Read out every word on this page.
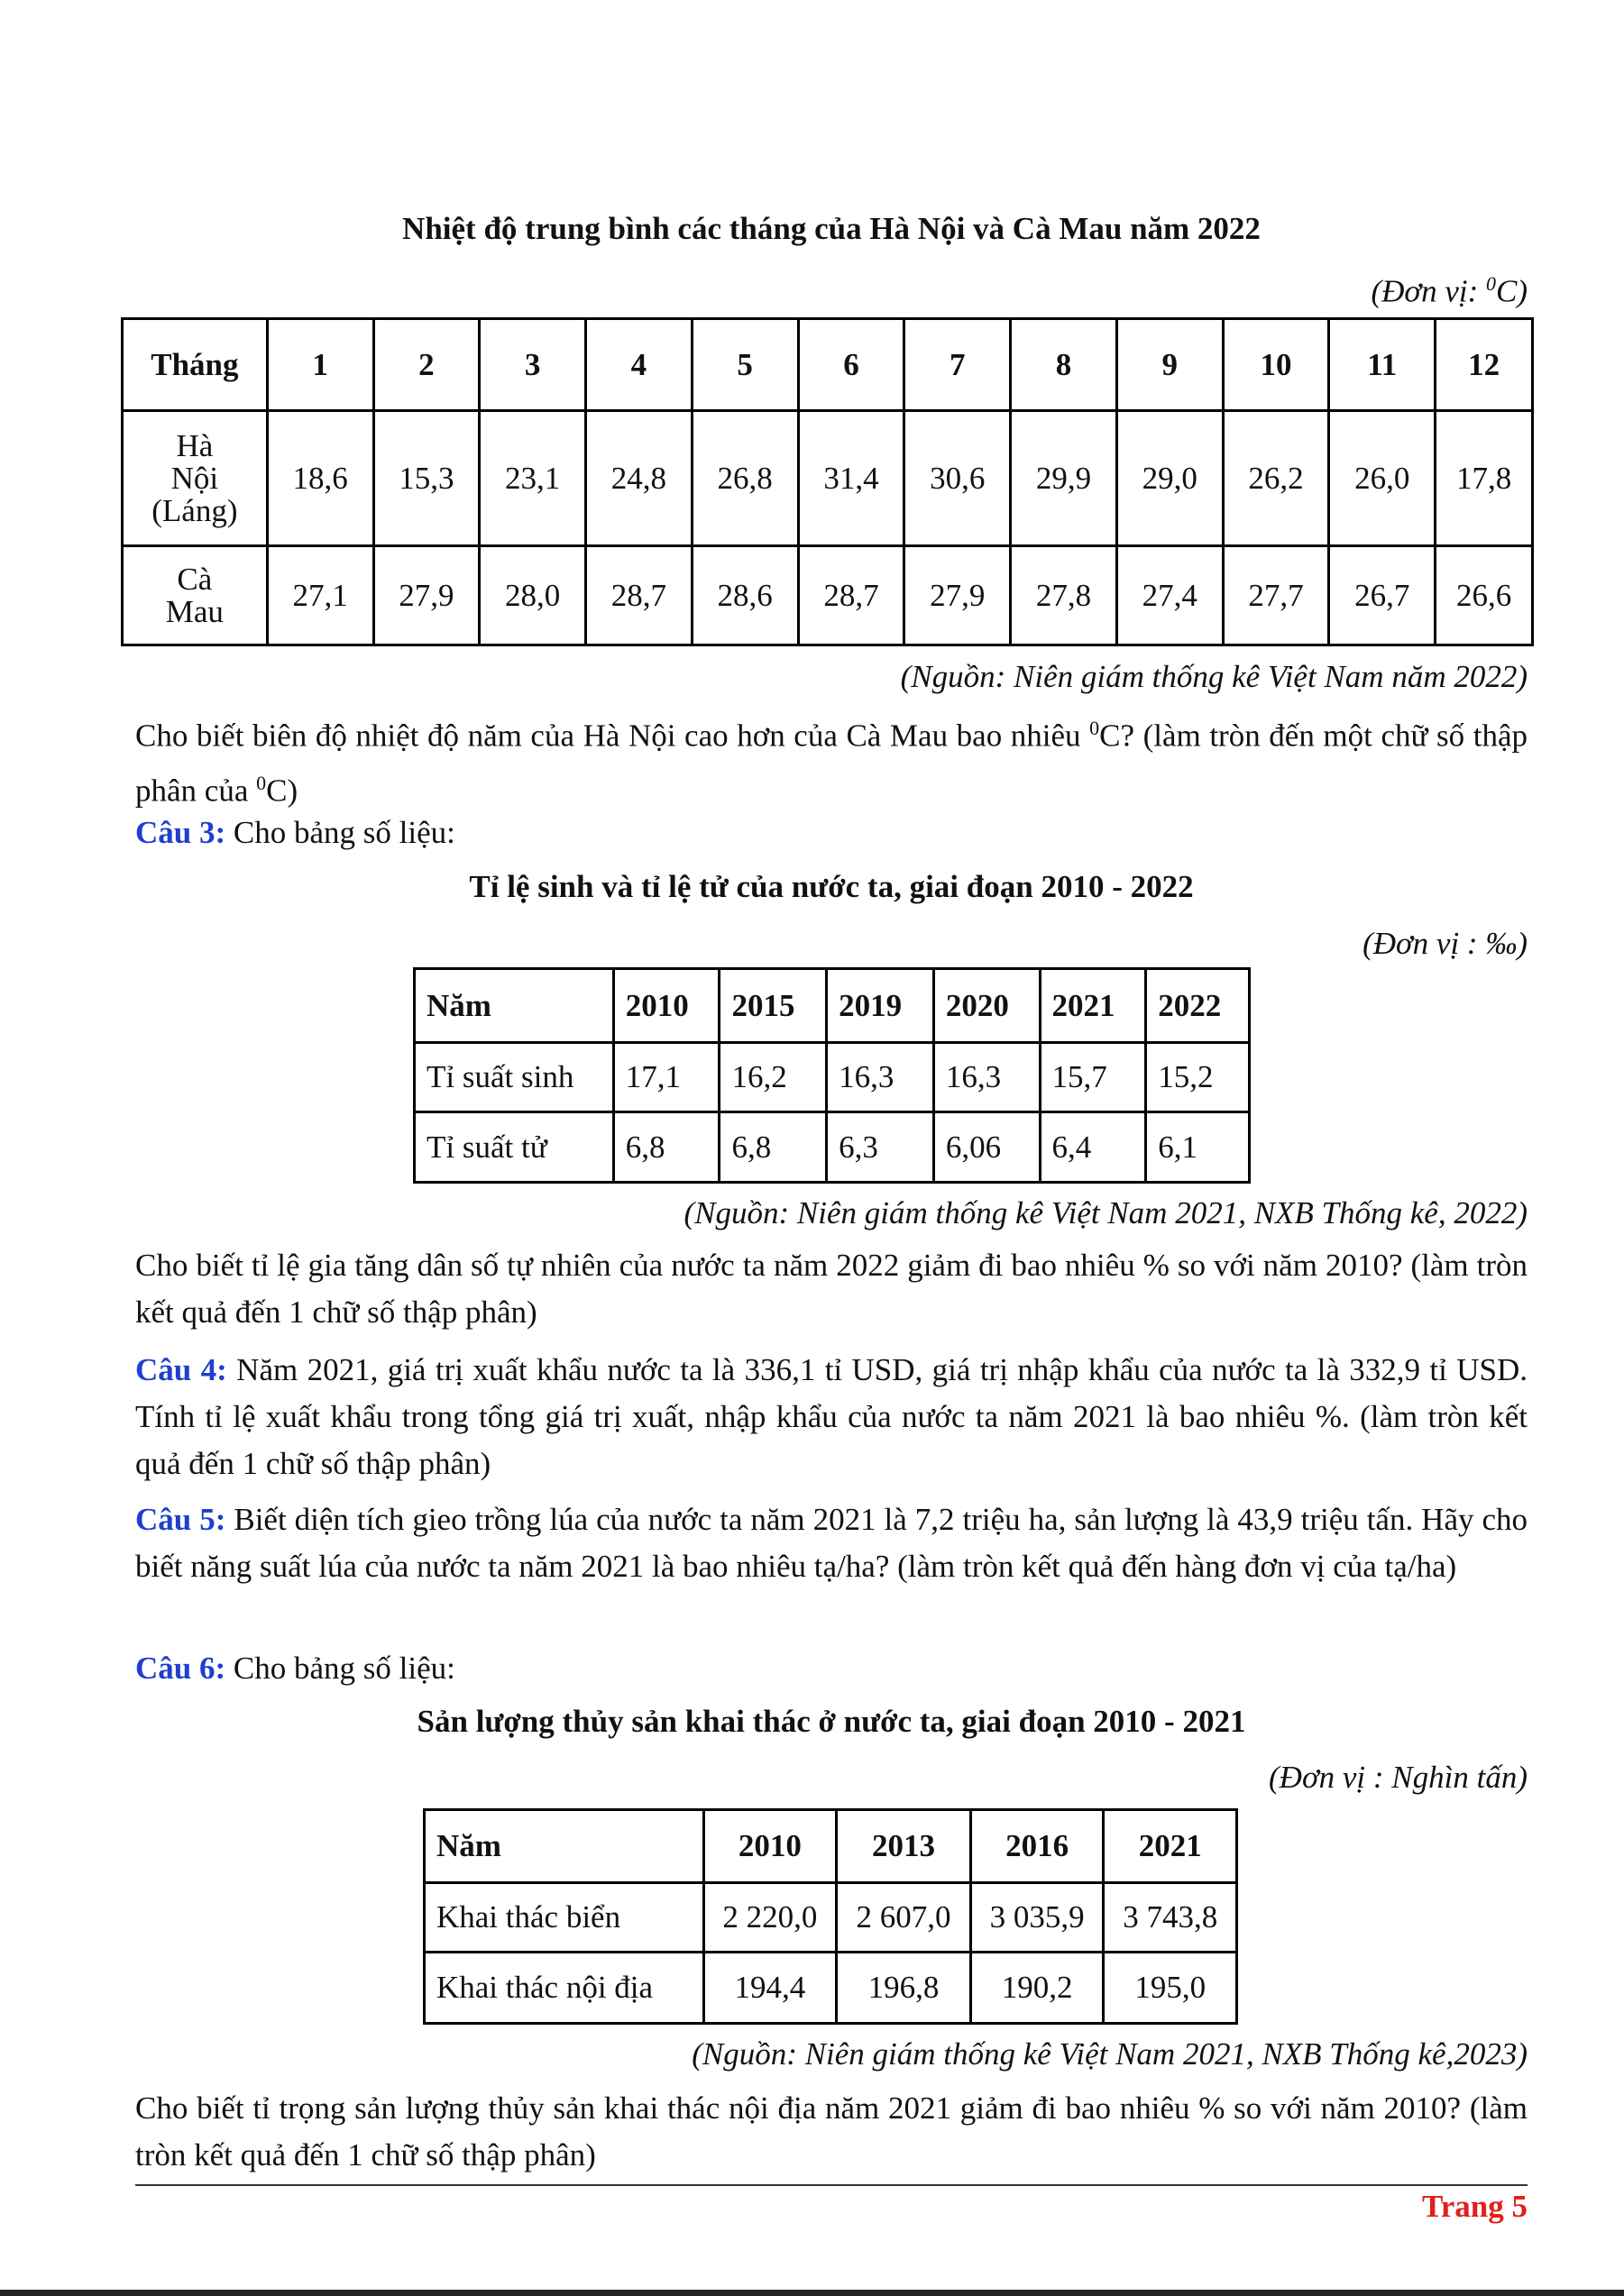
Nhiệt độ trung bình các tháng của Hà Nội và Cà Mau năm 2022
(Đơn vị: $^0$C)
Tháng	1	2	3	4	5	6	7	8	9	10	11	12

Hà
Nội
(Láng)	18,6	15,3	23,1	24,8	26,8	31,4	30,6	29,9	29,0	26,2	26,0	17,8

Cà
Mau	27,1	27,9	28,0	28,7	28,6	28,7	27,9	27,8	27,4	27,7	26,7	26,6
(Nguồn: Niên giám thống kê Việt Nam năm 2022)
Cho biết biên độ nhiệt độ năm của Hà Nội cao hơn của Cà Mau bao nhiêu $^0$C? (làm tròn đến một chữ số thập phân của $^0$C)
Câu 3: Cho bảng số liệu:
Tỉ lệ sinh và tỉ lệ tử của nước ta, giai đoạn 2010 - 2022
(Đơn vị : ‰)
Năm	2010	2015	2019	2020	2021	2022
Tỉ suất sinh	17,1	16,2	16,3	16,3	15,7	15,2
Tỉ suất tử	6,8	6,8	6,3	6,06	6,4	6,1
(Nguồn: Niên giám thống kê Việt Nam 2021, NXB Thống kê, 2022)
Cho biết tỉ lệ gia tăng dân số tự nhiên của nước ta năm 2022 giảm đi bao nhiêu % so với năm 2010? (làm tròn kết quả đến 1 chữ số thập phân)
Câu 4: Năm 2021, giá trị xuất khẩu nước ta là 336,1 tỉ USD, giá trị nhập khẩu của nước ta là 332,9 tỉ USD. Tính tỉ lệ xuất khẩu trong tổng giá trị xuất, nhập khẩu của nước ta năm 2021 là bao nhiêu %. (làm tròn kết quả đến 1 chữ số thập phân)
Câu 5: Biết diện tích gieo trồng lúa của nước ta năm 2021 là 7,2 triệu ha, sản lượng là 43,9 triệu tấn. Hãy cho biết năng suất lúa của nước ta năm 2021 là bao nhiêu tạ/ha? (làm tròn kết quả đến hàng đơn vị của tạ/ha)
Câu 6: Cho bảng số liệu:
Sản lượng thủy sản khai thác ở nước ta, giai đoạn 2010 - 2021
(Đơn vị : Nghìn tấn)
Năm	2010	2013	2016	2021
Khai thác biển	2 220,0	2 607,0	3 035,9	3 743,8
Khai thác nội địa	194,4	196,8	190,2	195,0
(Nguồn: Niên giám thống kê Việt Nam 2021, NXB Thống kê,2023)
Cho biết tỉ trọng sản lượng thủy sản khai thác nội địa năm 2021 giảm đi bao nhiêu % so với năm 2010? (làm tròn kết quả đến 1 chữ số thập phân)
Trang 5
